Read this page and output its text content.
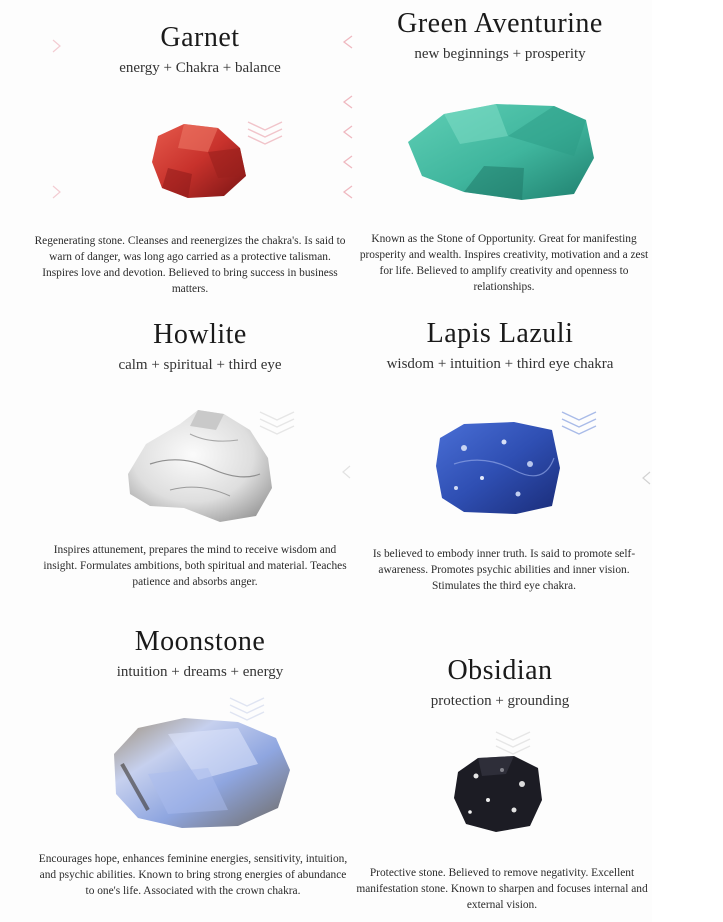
Garnet
energy + Chakra + balance
Regenerating stone. Cleanses and reenergizes the chakra's. Is said to warn of danger, was long ago carried as a protective talisman. Inspires love and devotion. Believed to bring success in business matters.
Green Aventurine
new beginnings + prosperity
Known as the Stone of Opportunity. Great for manifesting prosperity and wealth. Inspires creativity, motivation and a zest for life. Believed to amplify creativity and openness to relationships.
Howlite
calm + spiritual + third eye
Inspires attunement, prepares the mind to receive wisdom and insight. Formulates ambitions, both spiritual and material. Teaches patience and absorbs anger.
Lapis Lazuli
wisdom + intuition + third eye chakra
Is believed to embody inner truth. Is said to promote self-awareness. Promotes psychic abilities and inner vision. Stimulates the third eye chakra.
Moonstone
intuition + dreams + energy
Encourages hope, enhances feminine energies, sensitivity, intuition, and psychic abilities. Known to bring strong energies of abundance to one's life. Associated with the crown chakra.
Obsidian
protection + grounding
Protective stone. Believed to remove negativity. Excellent manifestation stone. Known to sharpen and focuses internal and external vision.
